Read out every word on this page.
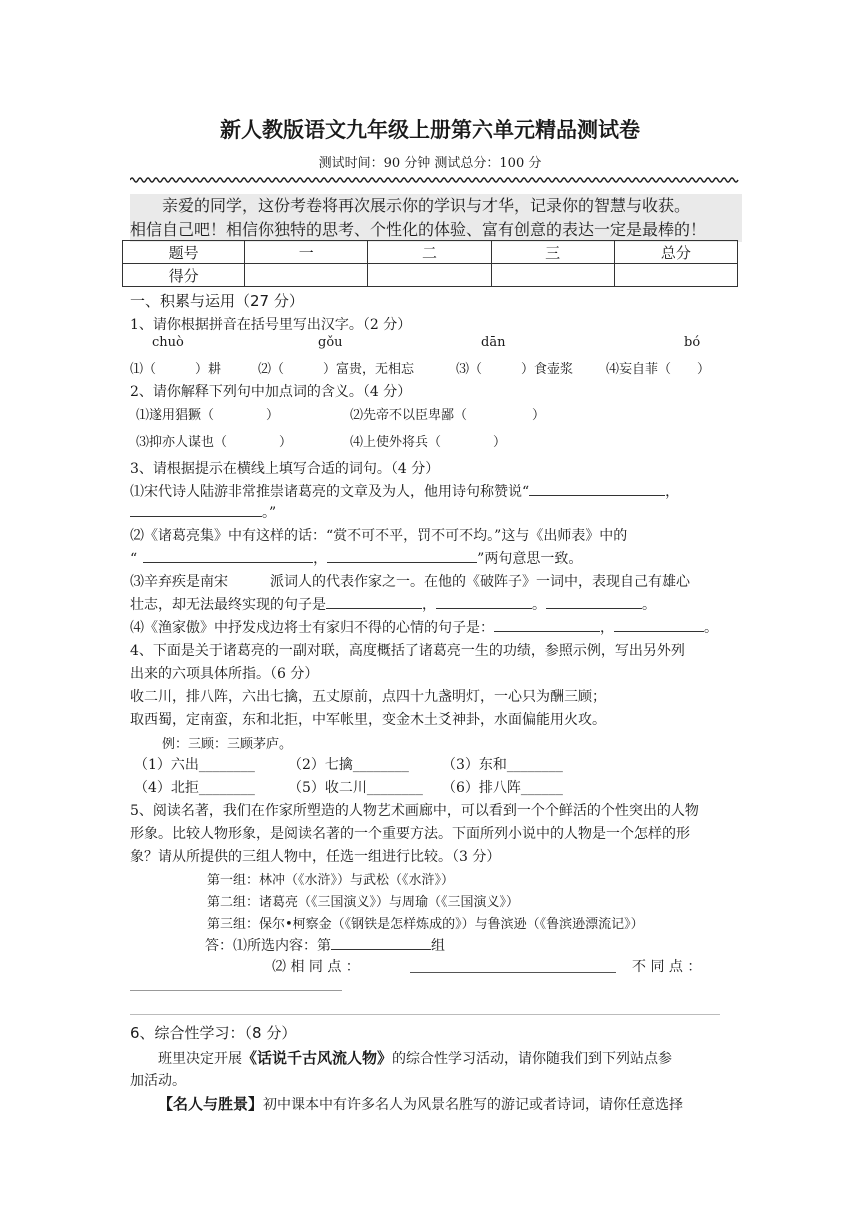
新人教版语文九年级上册第六单元精品测试卷
测试时间：90 分钟 测试总分：100 分
　　亲爱的同学，这份考卷将再次展示你的学识与才华，记录你的智慧与收获。
相信自己吧！相信你独特的思考、个性化的体验、富有创意的表达一定是最棒的！
题号	一	二	三	总分
得分				
一、积累与运用（27 分）
1、请你根据拼音在括号里写出汉字。（2 分）
chuò	gǒu	dān	bó
⑴（　　　）耕	⑵（　　　）富贵，无相忘	⑶（　　　）食壶浆	⑷妄自菲（　　）
2、请你解释下列句中加点词的含义。（4 分）
⑴遂用猖獗（　　　　）	⑵先帝不以臣卑鄙（　　　　　）
⑶抑亦人谋也（　　　　）	⑷上使外将兵（　　　　）
3、请根据提示在横线上填写合适的词句。（4 分）
⑴宋代诗人陆游非常推崇诸葛亮的文章及为人，他用诗句称赞说“	，
。”
⑵《诸葛亮集》中有这样的话：“赏不可不平，罚不可不均。”这与《出师表》中的
“	，	”两句意思一致。
⑶辛弃疾是南宋　　　派词人的代表作家之一。在他的《破阵子》一词中，表现自己有雄心
壮志，却无法最终实现的句子是	，	。	。
⑷《渔家傲》中抒发戍边将士有家归不得的心情的句子是：	，	。
4、下面是关于诸葛亮的一副对联，高度概括了诸葛亮一生的功绩，参照示例，写出另外列
出来的六项具体所指。（6 分）
收二川，排八阵，六出七擒，五丈原前，点四十九盏明灯，一心只为酬三顾；
取西蜀，定南蛮，东和北拒，中军帐里，变金木土爻神卦，水面偏能用火攻。
例：三顾：三顾茅庐。
（1）六出________ （2）七擒________ （3）东和________
（4）北拒________ （5）收二川________ （6）排八阵______
5、阅读名著，我们在作家所塑造的人物艺术画廊中，可以看到一个个鲜活的个性突出的人物
形象。比较人物形象，是阅读名著的一个重要方法。下面所列小说中的人物是一个怎样的形
象？请从所提供的三组人物中，任选一组进行比较。（3 分）
第一组：林冲（《水浒》）与武松（《水浒》）
第二组：诸葛亮（《三国演义》）与周瑜（《三国演义》）
第三组：保尔•柯察金（《钢铁是怎样炼成的》）与鲁滨逊（《鲁滨逊漂流记》）
答：⑴所选内容：第	组
⑵ 相 同 点 ：	不 同 点 ：
6、综合性学习：（8 分）
班里决定开展《话说千古风流人物》的综合性学习活动，请你随我们到下列站点参
加活动。
【名人与胜景】初中课本中有许多名人为风景名胜写的游记或者诗词，请你任意选择
